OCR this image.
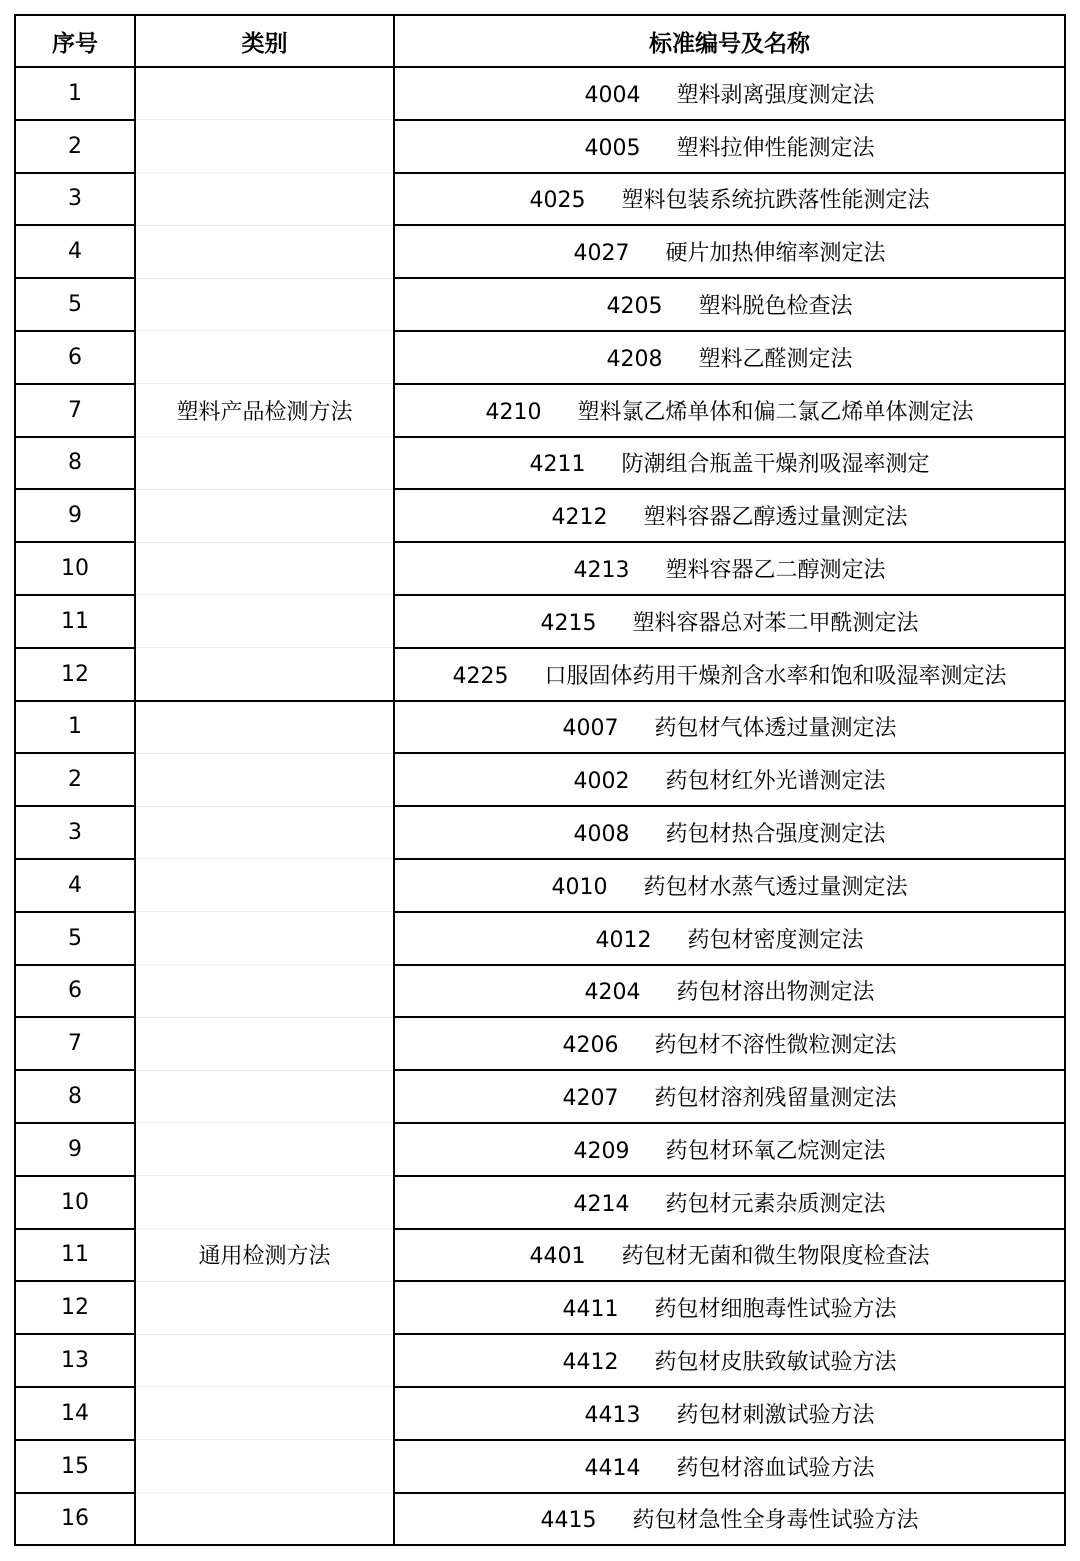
序号	类别	标准编号及名称
1		4004 塑料剥离强度测定法
2		4005 塑料拉伸性能测定法
3		4025 塑料包装系统抗跌落性能测定法
4		4027 硬片加热伸缩率测定法
5		4205 塑料脱色检查法
6		4208 塑料乙醛测定法
7	塑料产品检测方法	4210 塑料氯乙烯单体和偏二氯乙烯单体测定法
8		4211 防潮组合瓶盖干燥剂吸湿率测定
9		4212 塑料容器乙醇透过量测定法
10		4213 塑料容器乙二醇测定法
11		4215 塑料容器总对苯二甲酰测定法
12		4225 口服固体药用干燥剂含水率和饱和吸湿率测定法
1		4007 药包材气体透过量测定法
2		4002 药包材红外光谱测定法
3		4008 药包材热合强度测定法
4		4010 药包材水蒸气透过量测定法
5		4012 药包材密度测定法
6		4204 药包材溶出物测定法
7		4206 药包材不溶性微粒测定法
8		4207 药包材溶剂残留量测定法
9		4209 药包材环氧乙烷测定法
10		4214 药包材元素杂质测定法
11	通用检测方法	4401 药包材无菌和微生物限度检查法
12		4411 药包材细胞毒性试验方法
13		4412 药包材皮肤致敏试验方法
14		4413 药包材刺激试验方法
15		4414 药包材溶血试验方法
16		4415 药包材急性全身毒性试验方法
